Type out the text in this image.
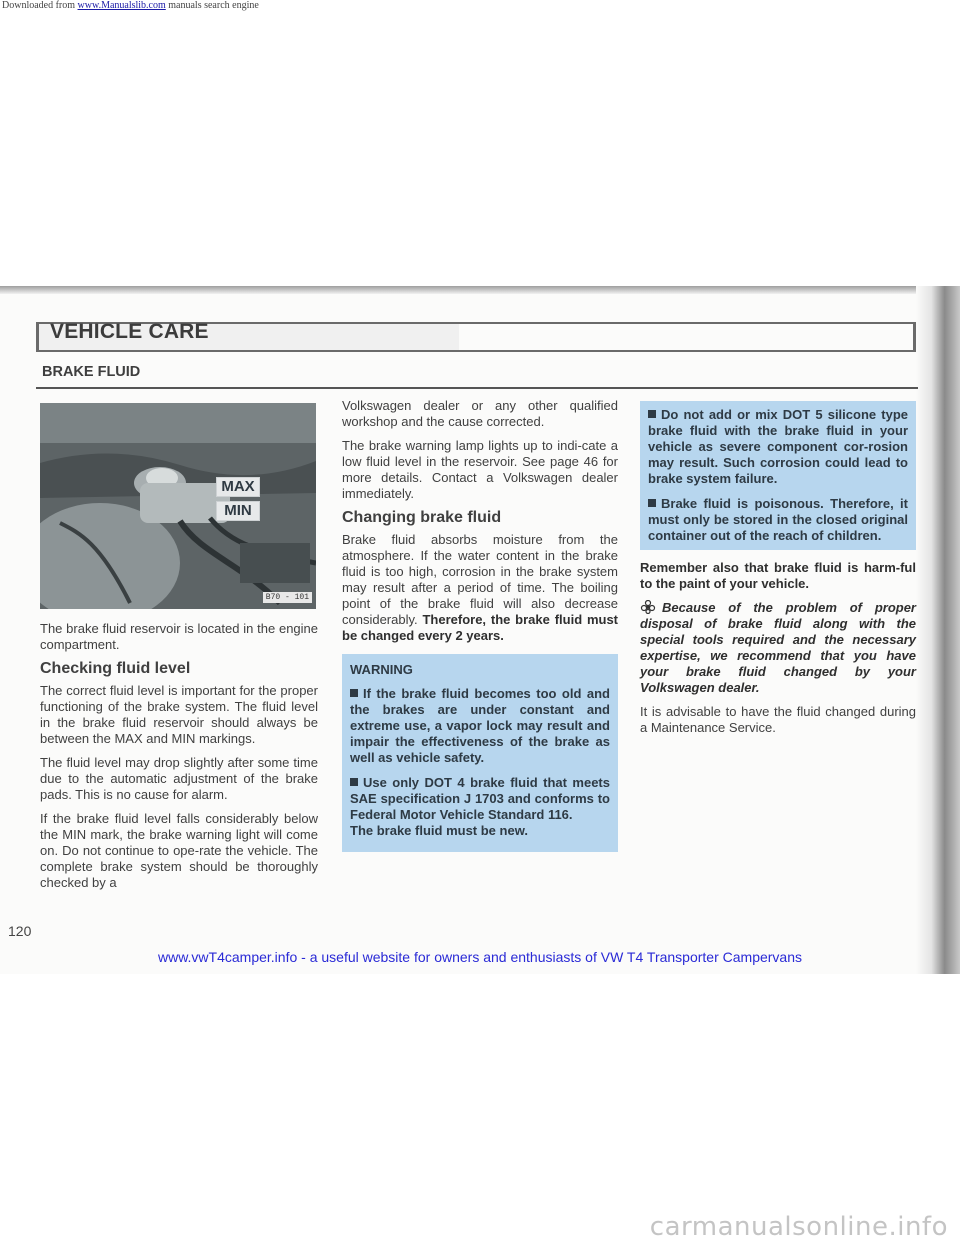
Downloaded from www.Manualslib.com manuals search engine
VEHICLE CARE
BRAKE FLUID
MAX
MIN
B70 - 101

The brake fluid reservoir is located in the engine compartment.

Checking fluid level

The correct fluid level is important for the proper functioning of the brake system. The fluid level in the brake fluid reservoir should always be between the MAX and MIN markings.

The fluid level may drop slightly after some time due to the automatic adjustment of the brake pads. This is no cause for alarm.

If the brake fluid level falls considerably below the MIN mark, the brake warning light will come on. Do not continue to ope-rate the vehicle. The complete brake system should be thoroughly checked by a

Volkswagen dealer or any other qualified workshop and the cause corrected.

The brake warning lamp lights up to indi-cate a low fluid level in the reservoir. See page 46 for more details. Contact a Volkswagen dealer immediately.

Changing brake fluid

Brake fluid absorbs moisture from the atmosphere. If the water content in the brake fluid is too high, corrosion in the brake system may result after a period of time. The boiling point of the brake fluid will also decrease considerably. Therefore, the brake fluid must be changed every 2 years.

WARNING

If the brake fluid becomes too old and the brakes are under constant and extreme use, a vapor lock may result and impair the effectiveness of the brake as well as vehicle safety.

Use only DOT 4 brake fluid that meets SAE specification J 1703 and conforms to Federal Motor Vehicle Standard 116.
The brake fluid must be new.

Do not add or mix DOT 5 silicone type brake fluid with the brake fluid in your vehicle as severe component cor-rosion may result. Such corrosion could lead to brake system failure.

Brake fluid is poisonous. Therefore, it must only be stored in the closed original container out of the reach of children.

Remember also that brake fluid is harm-ful to the paint of your vehicle.

Because of the problem of proper disposal of brake fluid along with the special tools required and the necessary expertise, we recommend that you have your brake fluid changed by your Volkswagen dealer.

It is advisable to have the fluid changed during a Maintenance Service.

120
www.vwT4camper.info - a useful website for owners and enthusiasts of VW T4 Transporter Campervans
carmanualsonline.info
